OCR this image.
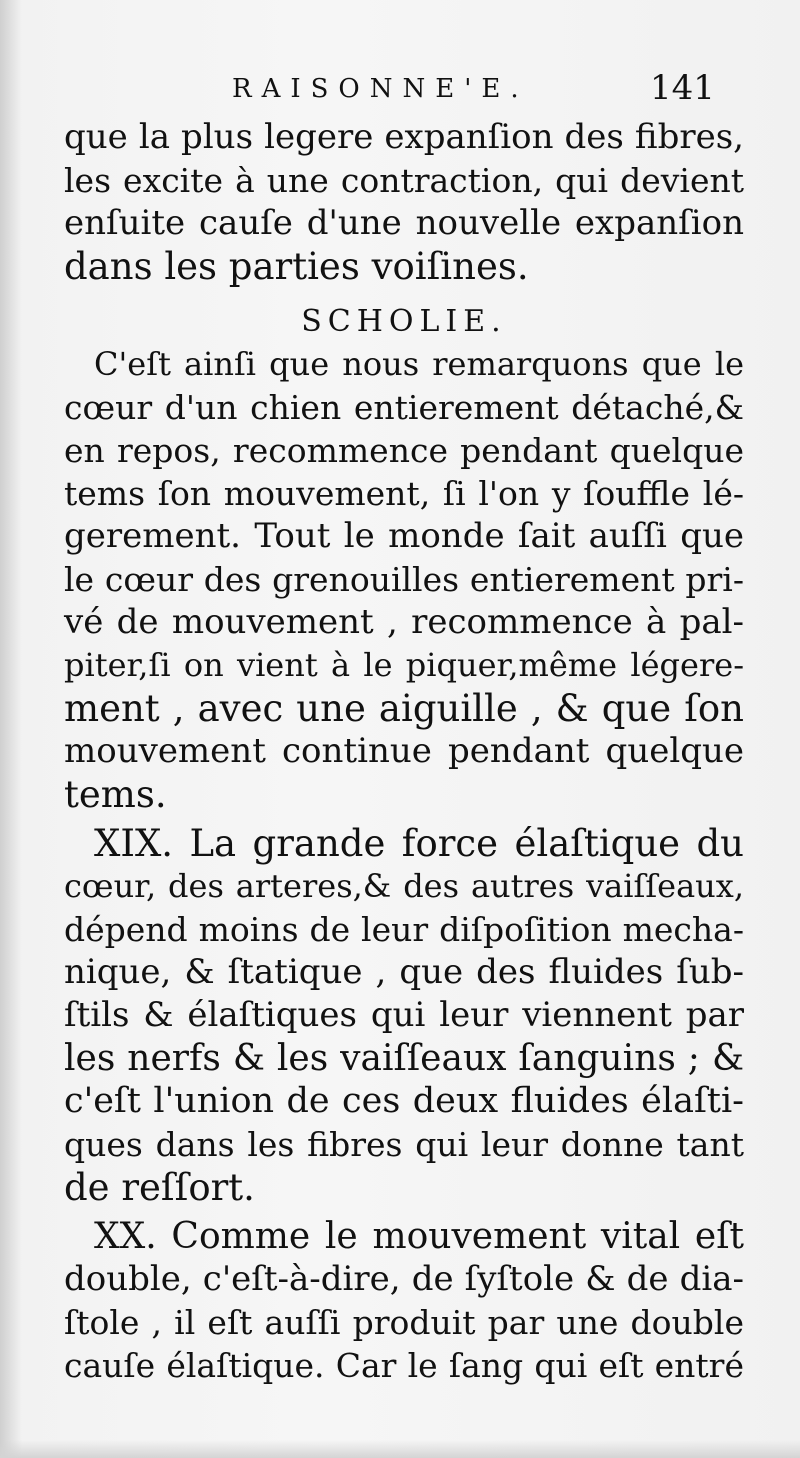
RAISONNE'E.	141
que la plus legere expanſion des fibres,
les excite à une contraction, qui devient
enſuite cauſe d'une nouvelle expanſion
dans les parties voiſines.
SCHOLIE.
C'eſt ainſi que nous remarquons que le
cœur d'un chien entierement détaché,&
en repos, recommence pendant quelque
tems ſon mouvement, ſi l'on y ſouffle lé-
gerement. Tout le monde ſait auſſi que
le cœur des grenouilles entierement pri-
vé de mouvement , recommence à pal-
piter,ſi on vient à le piquer,même légere-
ment , avec une aiguille , & que ſon
mouvement continue pendant quelque
tems.
XIX. La grande force élaſtique du
cœur, des arteres,& des autres vaiſſeaux,
dépend moins de leur diſpoſition mecha-
nique, & ſtatique , que des fluides ſub-
ſtils & élaſtiques qui leur viennent par
les nerfs & les vaiſſeaux ſanguins ; &
c'eſt l'union de ces deux fluides élaſti-
ques dans les fibres qui leur donne tant
de reſſort.
XX. Comme le mouvement vital eſt
double, c'eſt-à-dire, de ſyſtole & de dia-
ſtole , il eſt auſſi produit par une double
cauſe élaſtique. Car le ſang qui eſt entré
